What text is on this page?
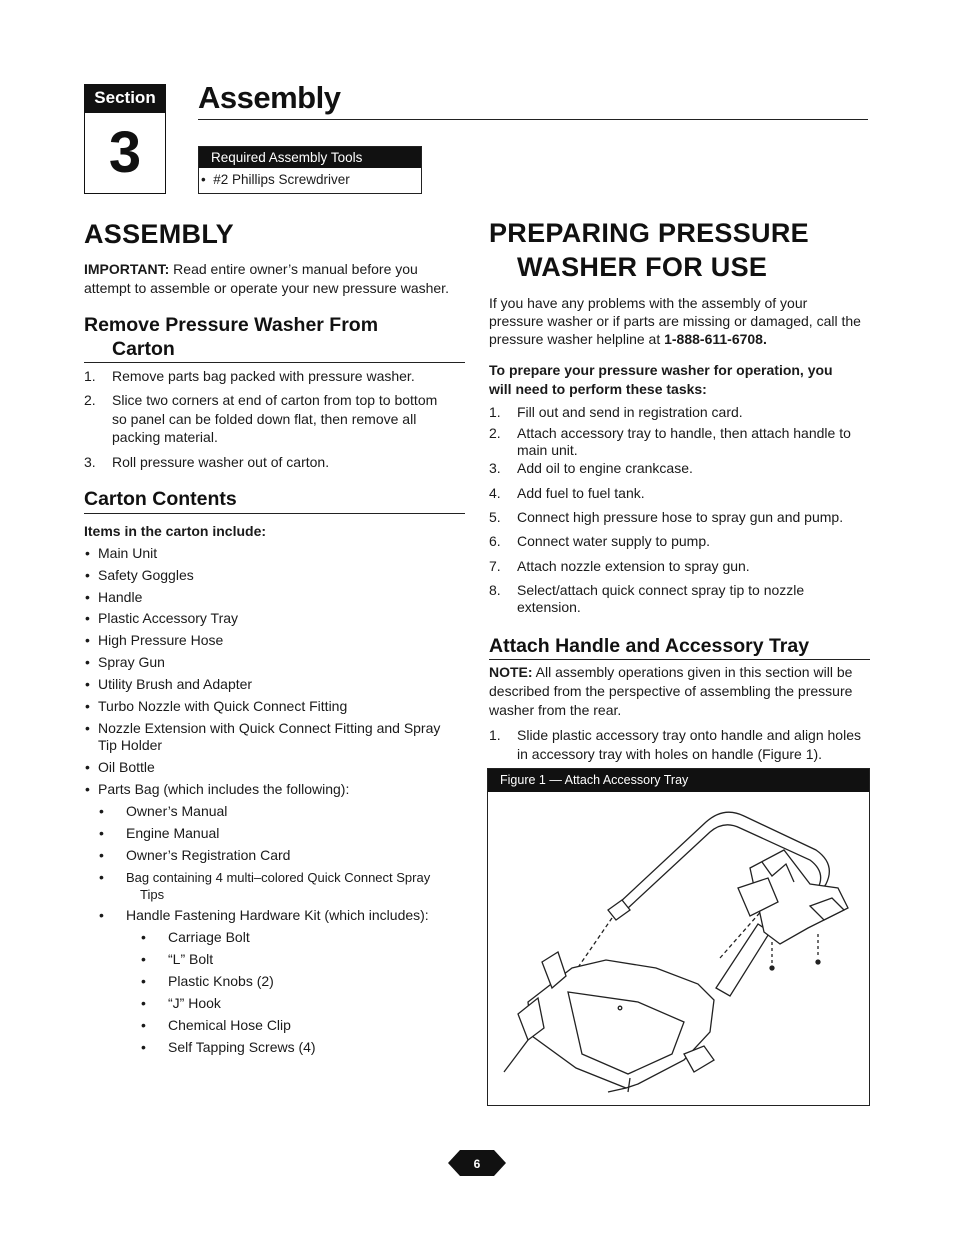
Section
3
Assembly
Required Assembly Tools
• #2 Phillips Screwdriver
ASSEMBLY
IMPORTANT: Read entire owner’s manual before you attempt to assemble or operate your new pressure washer.
Remove Pressure Washer From
Carton
1. Remove parts bag packed with pressure washer.
2. Slice two corners at end of carton from top to bottom
so panel can be folded down flat, then remove all
packing material.
3. Roll pressure washer out of carton.
Carton Contents
Items in the carton include:
• Main Unit
• Safety Goggles
• Handle
• Plastic Accessory Tray
• High Pressure Hose
• Spray Gun
• Utility Brush and Adapter
• Turbo Nozzle with Quick Connect Fitting
• Nozzle Extension with Quick Connect Fitting and Spray
Tip Holder
• Oil Bottle
• Parts Bag (which includes the following):
• Owner’s Manual
• Engine Manual
• Owner’s Registration Card
• Bag containing 4 multi–colored Quick Connect Spray
Tips
• Handle Fastening Hardware Kit (which includes):
• Carriage Bolt
• “L” Bolt
• Plastic Knobs (2)
• “J” Hook
• Chemical Hose Clip
• Self Tapping Screws (4)
PREPARING PRESSURE
WASHER FOR USE
If you have any problems with the assembly of your
pressure washer or if parts are missing or damaged, call the
pressure washer helpline at 1-888-611-6708.
To prepare your pressure washer for operation, you
will need to perform these tasks:
1. Fill out and send in registration card.
2. Attach accessory tray to handle, then attach handle to
main unit.
3. Add oil to engine crankcase.
4. Add fuel to fuel tank.
5. Connect high pressure hose to spray gun and pump.
6. Connect water supply to pump.
7. Attach nozzle extension to spray gun.
8. Select/attach quick connect spray tip to nozzle
extension.
Attach Handle and Accessory Tray
NOTE: All assembly operations given in this section will be
described from the perspective of assembling the pressure
washer from the rear.
1. Slide plastic accessory tray onto handle and align holes
in accessory tray with holes on handle (Figure 1).
Figure 1 — Attach Accessory Tray
6
